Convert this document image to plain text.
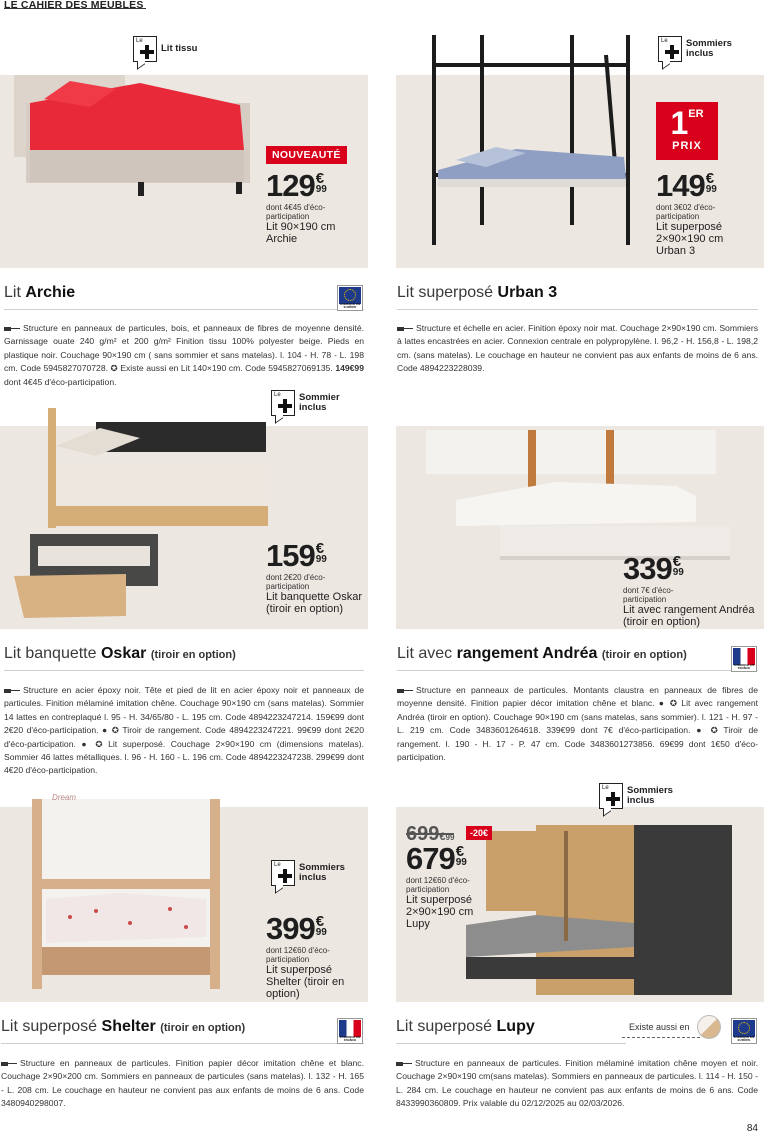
LE CAHIER DES MEUBLES
Le
Lit tissu
NOUVEAUTÉ
129 €
99
dont 4€45 d'éco-participation
Lit 90×190 cm Archie
Lit Archie
FABRIQUÉ EN EUROPE
Structure en panneaux de particules, bois, et panneaux de fibres de moyenne densité. Garnissage ouate 240 g/m² et 200 g/m² Finition tissu 100% polyester beige. Pieds en plastique noir. Couchage 90×190 cm ( sans sommier et sans matelas). l. 104 - H. 78 - L. 198 cm. Code 5945827070728. ✪ Existe aussi en Lit 140×190 cm. Code 5945827069135. 149€99 dont 4€45 d'éco-participation.
Le Sommiers inclus
1ER
PRIX
149 €
99
dont 3€02 d'éco-participation
Lit superposé 2×90×190 cm Urban 3
Lit superposé Urban 3
Structure et échelle en acier. Finition époxy noir mat. Couchage 2×90×190 cm. Sommiers à lattes encastrées en acier. Connexion centrale en polypropylène. l. 96,2 - H. 156,8 - L. 198,2 cm. (sans matelas). Le couchage en hauteur ne convient pas aux enfants de moins de 6 ans. Code 4894223228039.
Le Sommier inclus
159 €
99
dont 2€20 d'éco-participation
Lit banquette Oskar (tiroir en option)
Lit banquette Oskar (tiroir en option)
Structure en acier époxy noir. Tête et pied de lit en acier époxy noir et panneaux de particules. Finition mélaminé imitation chêne. Couchage 90×190 cm (sans matelas). Sommier 14 lattes en contreplaqué l. 95 - H. 34/65/80 - L. 195 cm. Code 4894223247214. 159€99 dont 2€20 d'éco-participation. ● ✪ Tiroir de rangement. Code 4894223247221. 99€99 dont 2€20 d'éco-participation. ● ✪ Lit superposé. Couchage 2×90×190 cm (dimensions matelas). Sommier 46 lattes métalliques. l. 96 - H. 160 - L. 196 cm. Code 4894223247238. 299€99 dont 4€20 d'éco-participation.
339 €
99
dont 7€ d'éco-participation
Lit avec rangement Andréa (tiroir en option)
Lit avec rangement Andréa (tiroir en option)
FABRIQUÉ EN FRANCE
Structure en panneaux de particules. Montants claustra en panneaux de fibres de moyenne densité. Finition papier décor imitation chêne et blanc. ● ✪ Lit avec rangement Andréa (tiroir en option). Couchage 90×190 cm (sans matelas, sans sommier). l. 121 - H. 97 - L. 219 cm. Code 3483601264618. 339€99 dont 7€ d'éco-participation. ● ✪ Tiroir de rangement. l. 190 - H. 17 - P. 47 cm. Code 3483601273856. 69€99 dont 1€50 d'éco-participation.
Dream
Le Sommiers inclus
399 €
99
dont 12€60 d'éco-participation
Lit superposé Shelter (tiroir en option)
Lit superposé Shelter (tiroir en option)
FABRIQUÉ EN FRANCE
Structure en panneaux de particules. Finition papier décor imitation chêne et blanc. Couchage 2×90×200 cm. Sommiers en panneaux de particules (sans matelas). l. 132 - H. 165 - L. 208 cm. Le couchage en hauteur ne convient pas aux enfants de moins de 6 ans. Code 3480940298007.
Le Sommiers inclus
699€99	-20€
679 €
99
dont 12€60 d'éco-participation
Lit superposé 2×90×190 cm Lupy
Lit superposé Lupy	Existe aussi en
FABRIQUÉ EN EUROPE
Structure en panneaux de particules. Finition mélaminé imitation chêne moyen et noir. Couchage 2×90×190 cm(sans matelas). Sommiers en panneaux de particules. l. 114 - H. 150 - L. 284 cm. Le couchage en hauteur ne convient pas aux enfants de moins de 6 ans. Code 8433990360809. Prix valable du 02/12/2025 au 02/03/2026.
84
